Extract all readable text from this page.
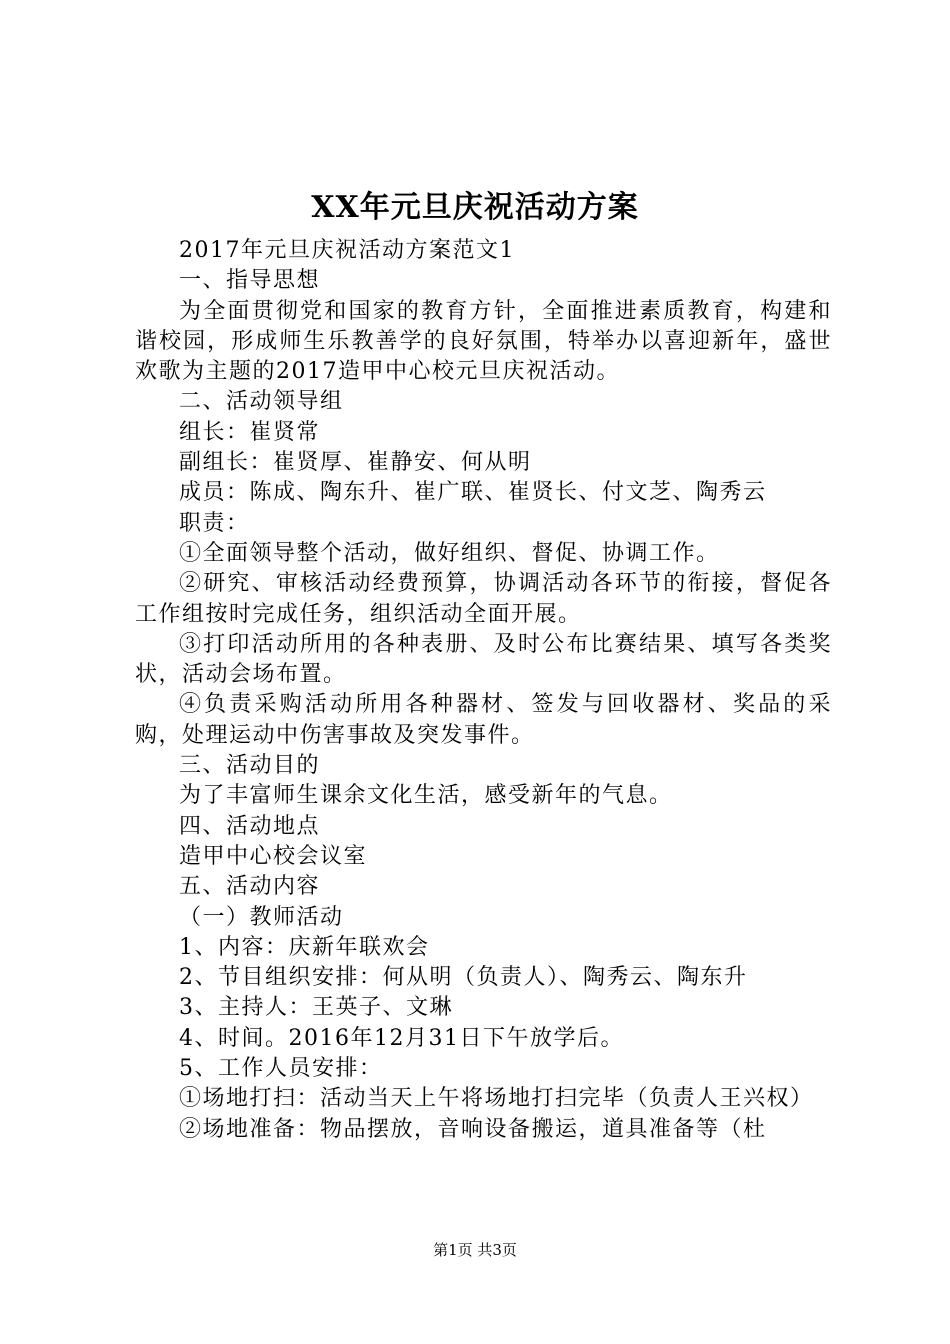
XX年元旦庆祝活动方案

2017年元旦庆祝活动方案范文1

一、指导思想

为全面贯彻党和国家的教育方针，全面推进素质教育，构建和谐校园，形成师生乐教善学的良好氛围，特举办以喜迎新年，盛世欢歌为主题的2017造甲中心校元旦庆祝活动。

二、活动领导组

组长：崔贤常

副组长：崔贤厚、崔静安、何从明

成员：陈成、陶东升、崔广联、崔贤长、付文芝、陶秀云

职责：

①全面领导整个活动，做好组织、督促、协调工作。

②研究、审核活动经费预算，协调活动各环节的衔接，督促各工作组按时完成任务，组织活动全面开展。

③打印活动所用的各种表册、及时公布比赛结果、填写各类奖状，活动会场布置。

④负责采购活动所用各种器材、签发与回收器材、奖品的采购，处理运动中伤害事故及突发事件。

三、活动目的

为了丰富师生课余文化生活，感受新年的气息。

四、活动地点

造甲中心校会议室

五、活动内容

（一）教师活动

1、内容：庆新年联欢会

2、节目组织安排：何从明（负责人）、陶秀云、陶东升

3、主持人：王英子、文琳

4、时间。2016年12月31日下午放学后。

5、工作人员安排：

①场地打扫：活动当天上午将场地打扫完毕（负责人王兴权）

②场地准备：物品摆放，音响设备搬运，道具准备等（杜

第1页 共3页
